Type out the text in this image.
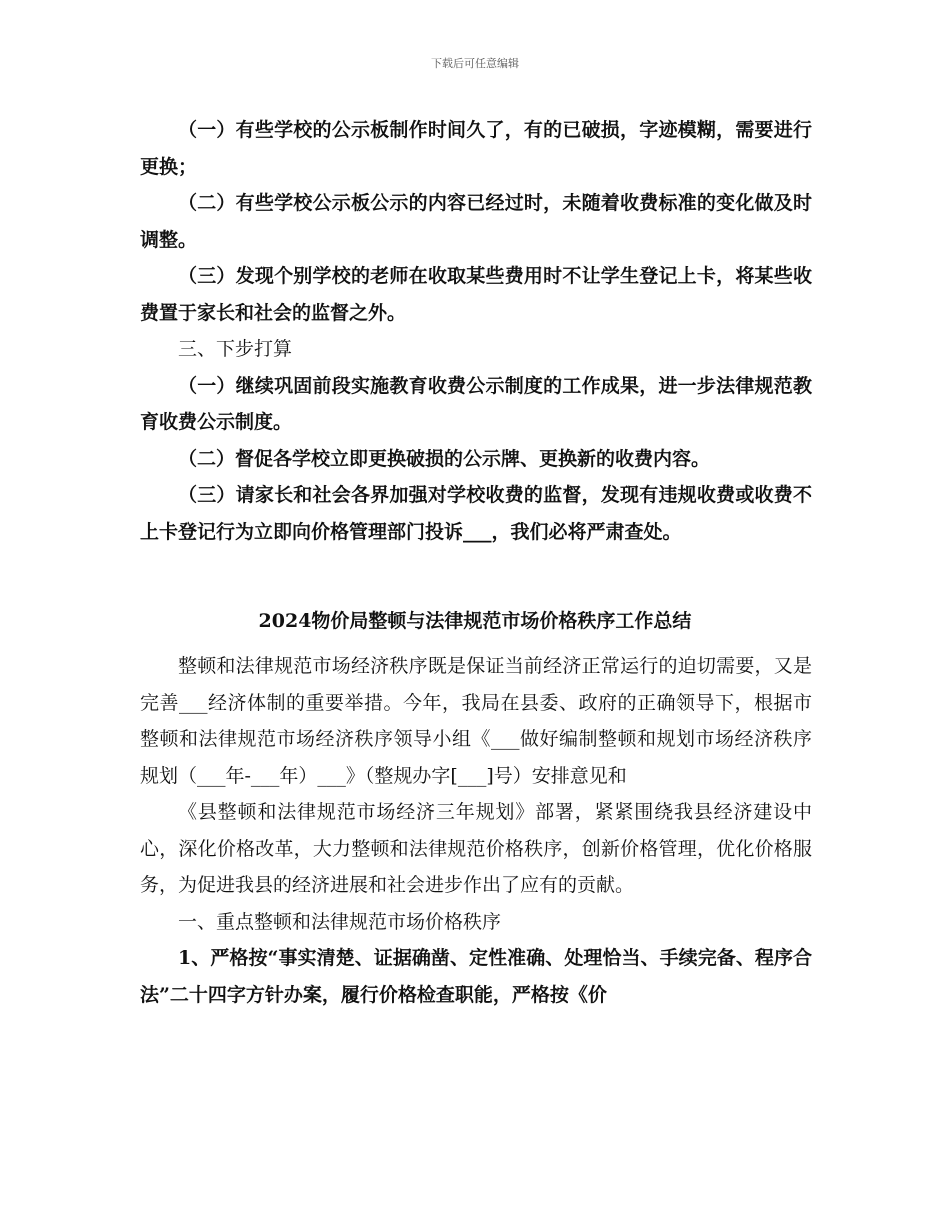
下载后可任意编辑

（一）有些学校的公示板制作时间久了，有的已破损，字迹模糊，需要进行更换；

（二）有些学校公示板公示的内容已经过时，未随着收费标准的变化做及时调整。

（三）发现个别学校的老师在收取某些费用时不让学生登记上卡，将某些收费置于家长和社会的监督之外。

三、下步打算

（一）继续巩固前段实施教育收费公示制度的工作成果，进一步法律规范教育收费公示制度。

（二）督促各学校立即更换破损的公示牌、更换新的收费内容。

（三）请家长和社会各界加强对学校收费的监督，发现有违规收费或收费不上卡登记行为立即向价格管理部门投诉___，我们必将严肃查处。

2024物价局整顿与法律规范市场价格秩序工作总结

整顿和法律规范市场经济秩序既是保证当前经济正常运行的迫切需要，又是完善___经济体制的重要举措。今年，我局在县委、政府的正确领导下，根据市整顿和法律规范市场经济秩序领导小组《___做好编制整顿和规划市场经济秩序规划（___年-___年）___》（整规办字[___]号）安排意见和

《县整顿和法律规范市场经济三年规划》部署，紧紧围绕我县经济建设中心，深化价格改革，大力整顿和法律规范价格秩序，创新价格管理，优化价格服务，为促进我县的经济进展和社会进步作出了应有的贡献。

一、重点整顿和法律规范市场价格秩序

1、严格按“事实清楚、证据确凿、定性准确、处理恰当、手续完备、程序合法”二十四字方针办案，履行价格检查职能，严格按《价
